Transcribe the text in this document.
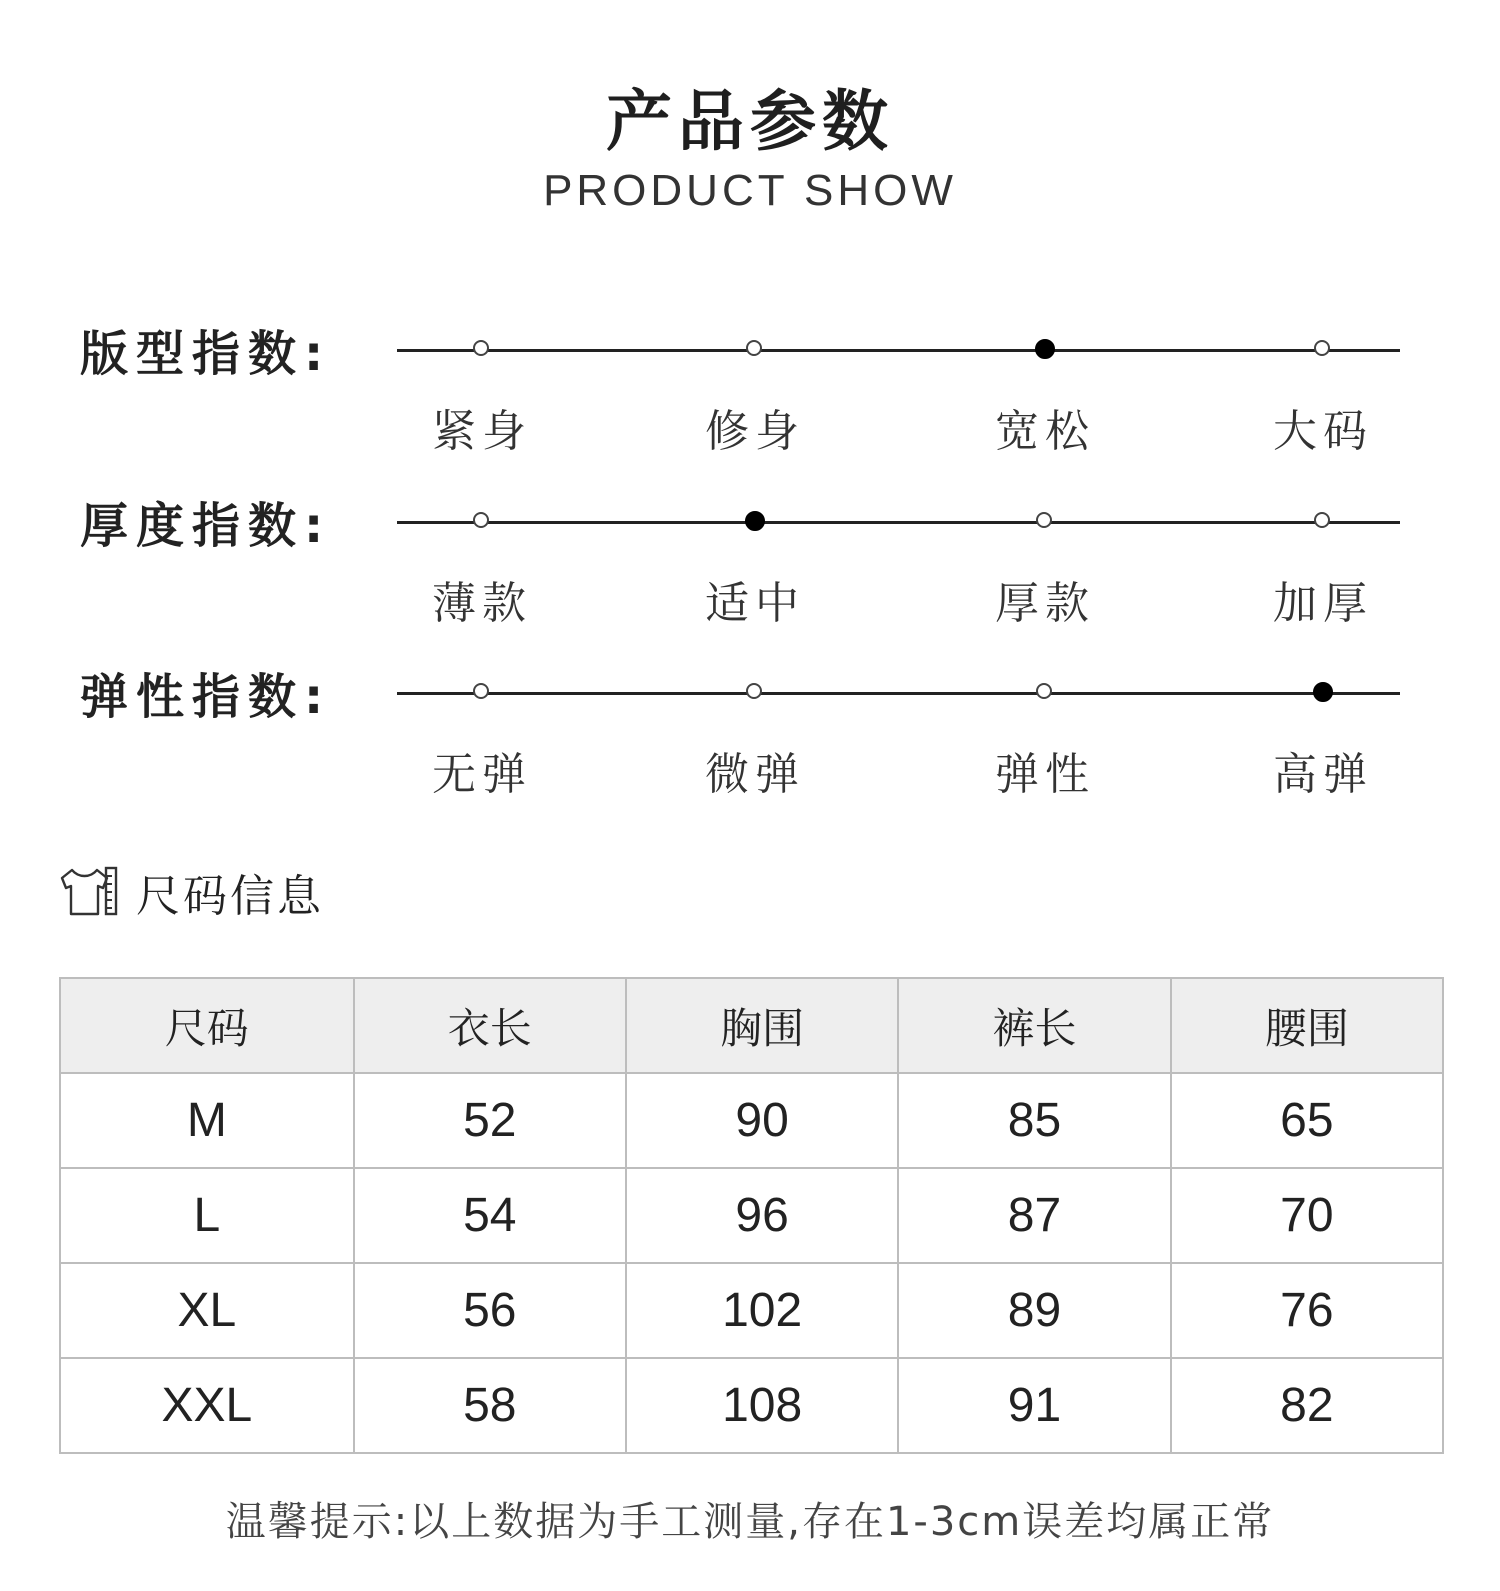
产品参数
PRODUCT SHOW
版型指数:
紧身	修身	宽松	大码
厚度指数:
薄款	适中	厚款	加厚
弹性指数:
无弹	微弹	弹性	高弹
尺码信息
尺码	衣长	胸围	裤长	腰围
M	52	90	85	65
L	54	96	87	70
XL	56	102	89	76
XXL	58	108	91	82
温馨提示:以上数据为手工测量,存在1-3cm误差均属正常
